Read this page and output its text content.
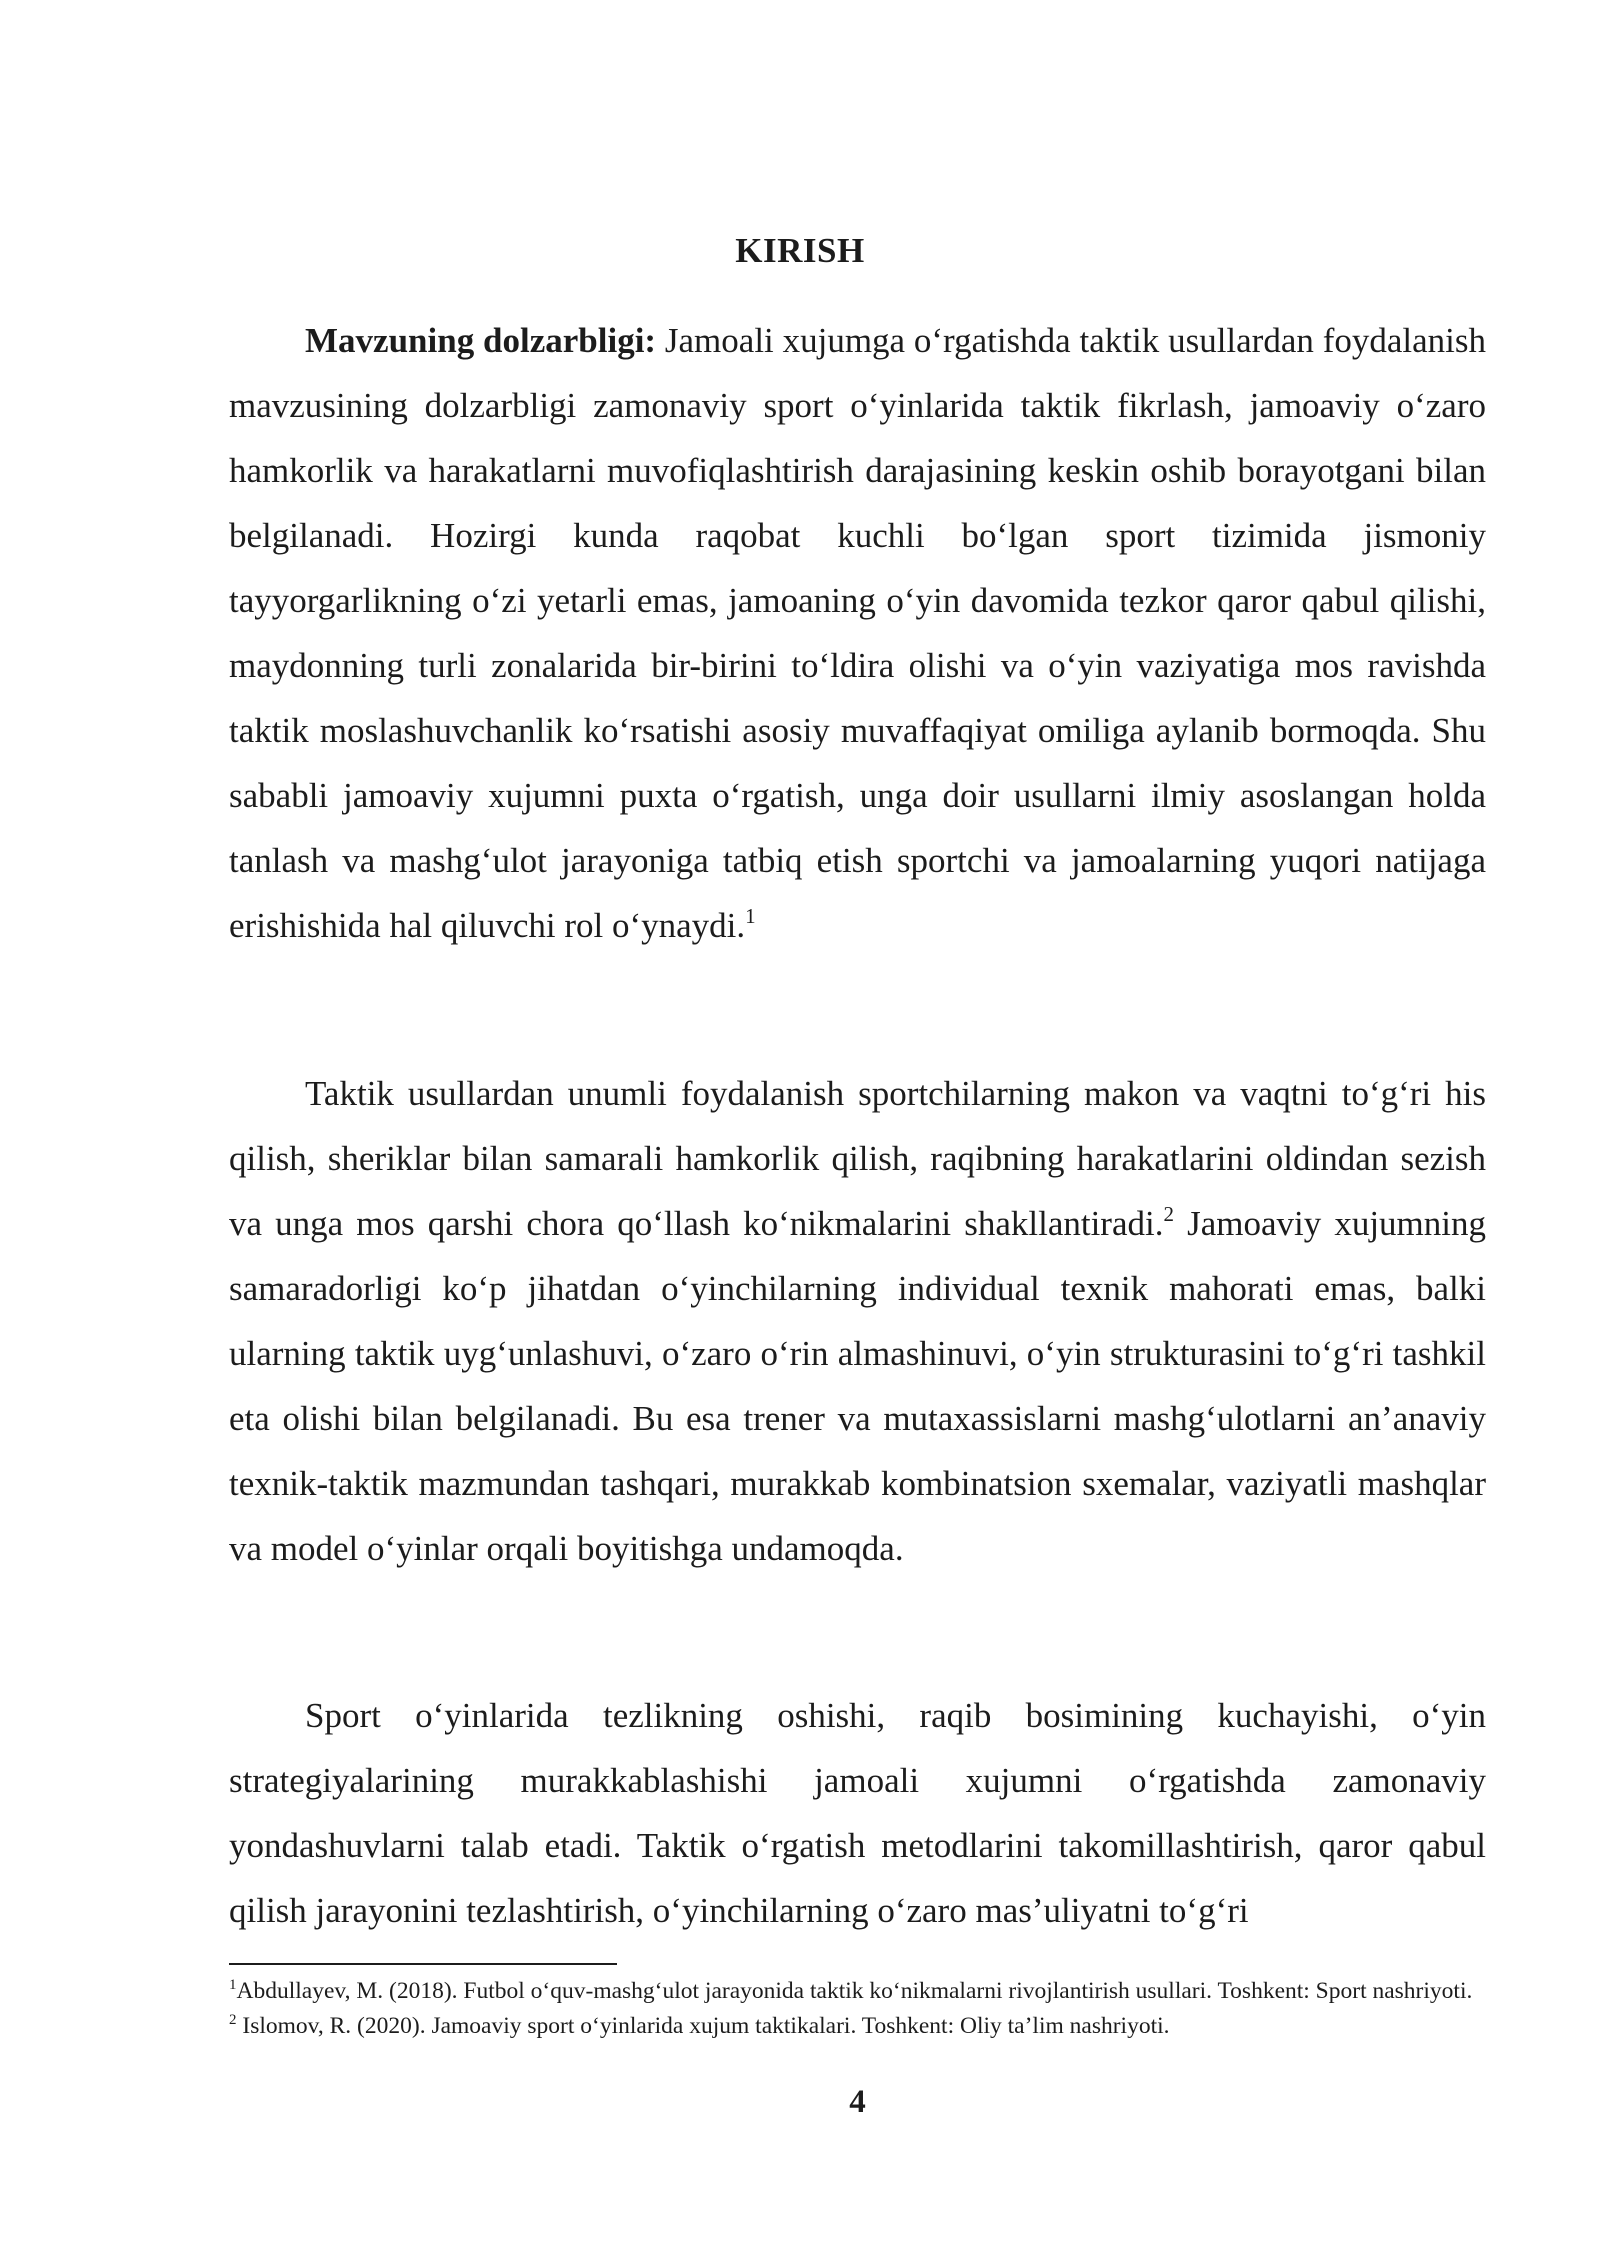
KIRISH

Mavzuning dolzarbligi: Jamoali xujumga o‘rgatishda taktik usullardan foydalanish mavzusining dolzarbligi zamonaviy sport o‘yinlarida taktik fikrlash, jamoaviy o‘zaro hamkorlik va harakatlarni muvofiqlashtirish darajasining keskin oshib borayotgani bilan belgilanadi. Hozirgi kunda raqobat kuchli bo‘lgan sport tizimida jismoniy tayyorgarlikning o‘zi yetarli emas, jamoaning o‘yin davomida tezkor qaror qabul qilishi, maydonning turli zonalarida bir-birini to‘ldira olishi va o‘yin vaziyatiga mos ravishda taktik moslashuvchanlik ko‘rsatishi asosiy muvaffaqiyat omiliga aylanib bormoqda. Shu sababli jamoaviy xujumni puxta o‘rgatish, unga doir usullarni ilmiy asoslangan holda tanlash va mashg‘ulot jarayoniga tatbiq etish sportchi va jamoalarning yuqori natijaga erishishida hal qiluvchi rol o‘ynaydi.$^1$

Taktik usullardan unumli foydalanish sportchilarning makon va vaqtni to‘g‘ri his qilish, sheriklar bilan samarali hamkorlik qilish, raqibning harakatlarini oldindan sezish va unga mos qarshi chora qo‘llash ko‘nikmalarini shakllantiradi.$^2$ Jamoaviy xujumning samaradorligi ko‘p jihatdan o‘yinchilarning individual texnik mahorati emas, balki ularning taktik uyg‘unlashuvi, o‘zaro o‘rin almashinuvi, o‘yin strukturasini to‘g‘ri tashkil eta olishi bilan belgilanadi. Bu esa trener va mutaxassislarni mashg‘ulotlarni an’anaviy texnik-taktik mazmundan tashqari, murakkab kombinatsion sxemalar, vaziyatli mashqlar va model o‘yinlar orqali boyitishga undamoqda.

Sport o‘yinlarida tezlikning oshishi, raqib bosimining kuchayishi, o‘yin strategiyalarining murakkablashishi jamoali xujumni o‘rgatishda zamonaviy yondashuvlarni talab etadi. Taktik o‘rgatish metodlarini takomillashtirish, qaror qabul qilish jarayonini tezlashtirish, o‘yinchilarning o‘zaro mas’uliyatni to‘g‘ri

$^1$Abdullayev, M. (2018). Futbol o‘quv-mashg‘ulot jarayonida taktik ko‘nikmalarni rivojlantirish usullari. Toshkent: Sport nashriyoti.

$^2$ Islomov, R. (2020). Jamoaviy sport o‘yinlarida xujum taktikalari. Toshkent: Oliy ta’lim nashriyoti.

4
